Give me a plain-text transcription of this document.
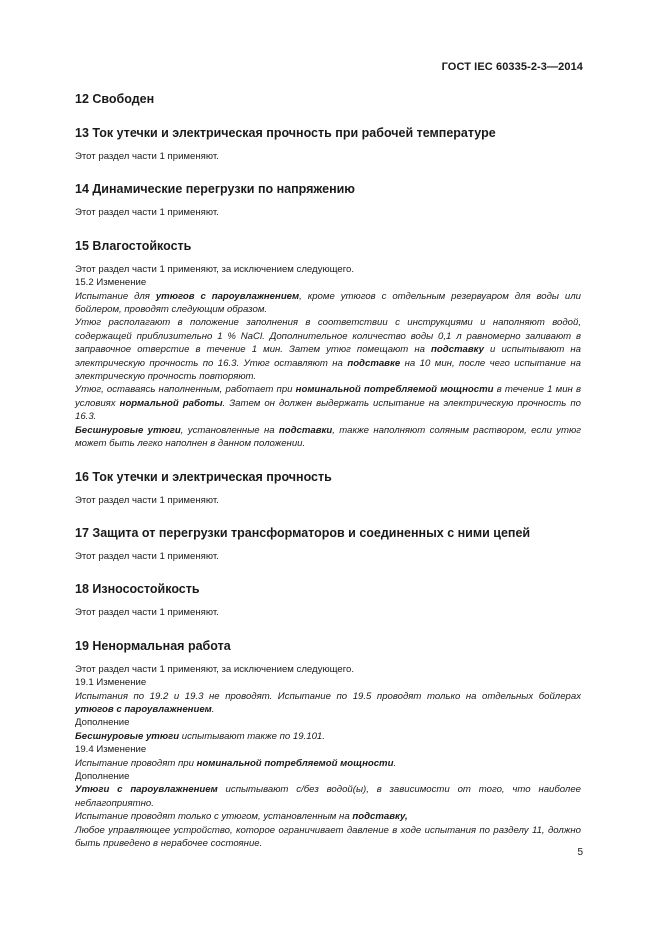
ГОСТ IEC 60335-2-3—2014
12 Свободен
13 Ток утечки и электрическая прочность при рабочей температуре

Этот раздел части 1 применяют.

14 Динамические перегрузки по напряжению

Этот раздел части 1 применяют.

15 Влагостойкость

Этот раздел части 1 применяют, за исключением следующего.

15.2 Изменение

Испытание для утюгов с пароувлажнением, кроме утюгов с отдельным резервуаром для воды или бойлером, проводят следующим образом.

Утюг располагают в положение заполнения в соответствии с инструкциями и наполняют водой, содержащей приблизительно 1 % NaCl. Дополнительное количество воды 0,1 л равномерно заливают в заправочное отверстие в течение 1 мин. Затем утюг помещают на подставку и испытывают на электрическую прочность по 16.3. Утюг оставляют на подставке на 10 мин, после чего испытание на электрическую прочность повторяют.

Утюг, оставаясь наполненным, работает при номинальной потребляемой мощности в течение 1 мин в условиях нормальной работы. Затем он должен выдержать испытание на электрическую прочность по 16.3.

Бесшнуровые утюги, установленные на подставки, также наполняют соляным раствором, если утюг может быть легко наполнен в данном положении.

16 Ток утечки и электрическая прочность

Этот раздел части 1 применяют.

17 Защита от перегрузки трансформаторов и соединенных с ними цепей

Этот раздел части 1 применяют.

18 Износостойкость

Этот раздел части 1 применяют.

19 Ненормальная работа

Этот раздел части 1 применяют, за исключением следующего.

19.1 Изменение

Испытания по 19.2 и 19.3 не проводят. Испытание по 19.5 проводят только на отдельных бойлерах утюгов с пароувлажнением.

Дополнение

Бесшнуровые утюги испытывают также по 19.101.

19.4 Изменение

Испытание проводят при номинальной потребляемой мощности.

Дополнение

Утюги с пароувлажнением испытывают с/без водой(ы), в зависимости от того, что наиболее неблагоприятно.

Испытание проводят только с утюгом, установленным на подставку,

Любое управляющее устройство, которое ограничивает давление в ходе испытания по разделу 11, должно быть приведено в нерабочее состояние.

5
